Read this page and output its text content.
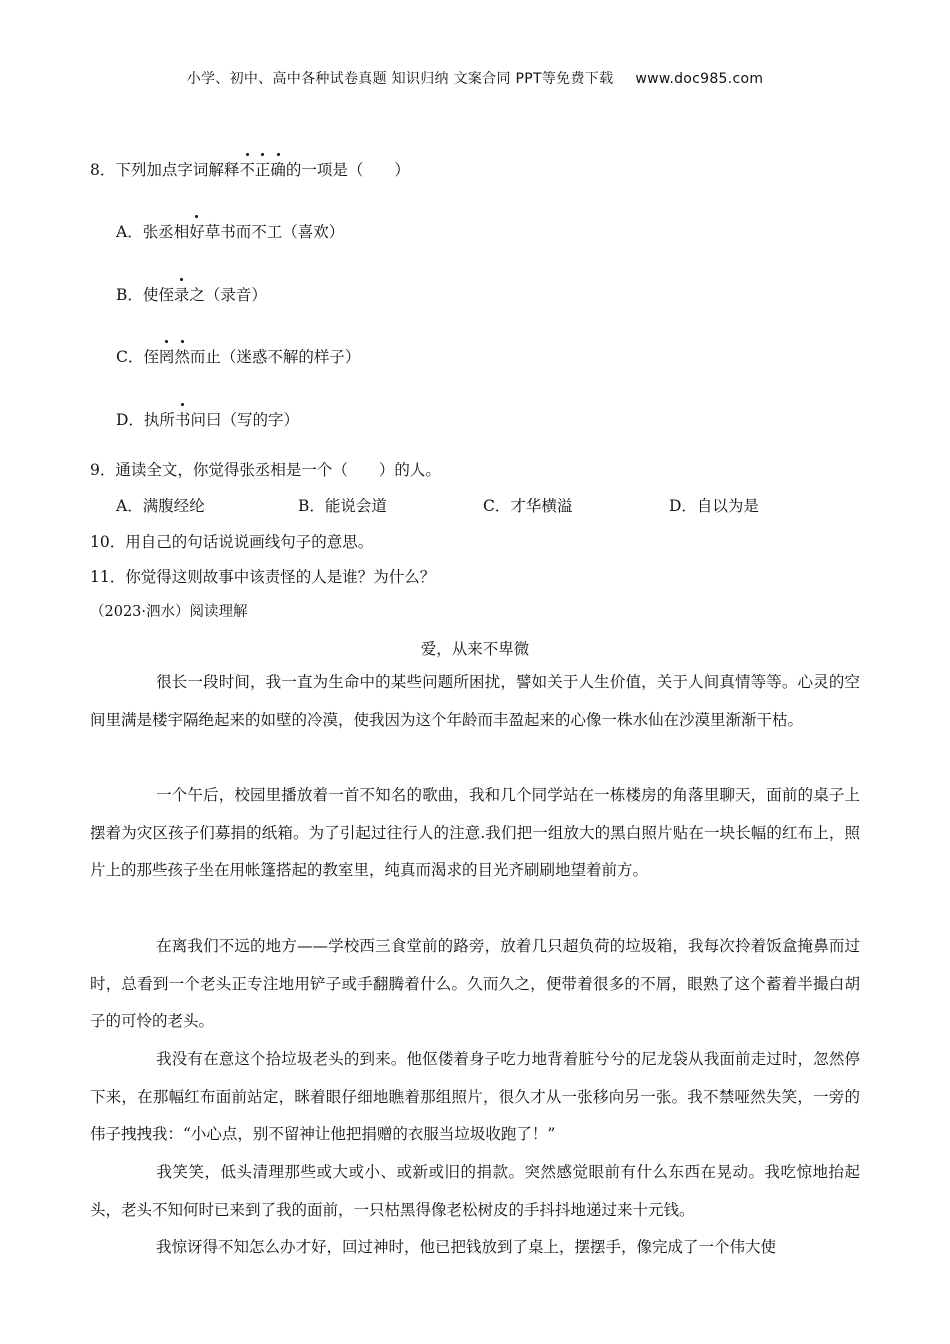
小学、初中、高中各种试卷真题 知识归纳 文案合同 PPT等免费下载 www.doc985.com
8．下列加点字词解释不正确的一项是（　　）
A．张丞相好草书而不工（喜欢）
B．使侄录之（录音）
C．侄罔然而止（迷惑不解的样子）
D．执所书问曰（写的字）
9．通读全文，你觉得张丞相是一个（　　）的人。
A．满腹经纶	B．能说会道	C．才华横溢	D．自以为是
10．用自己的句话说说画线句子的意思。
11．你觉得这则故事中该责怪的人是谁？为什么？
（2023·泗水）阅读理解
爱，从来不卑微
很长一段时间，我一直为生命中的某些问题所困扰，譬如关于人生价值，关于人间真情等等。心灵的空间里满是楼宇隔绝起来的如壁的冷漠，使我因为这个年龄而丰盈起来的心像一株水仙在沙漠里渐渐干枯。
一个午后，校园里播放着一首不知名的歌曲，我和几个同学站在一栋楼房的角落里聊天，面前的桌子上摆着为灾区孩子们募捐的纸箱。为了引起过往行人的注意.我们把一组放大的黑白照片贴在一块长幅的红布上，照片上的那些孩子坐在用帐篷搭起的教室里，纯真而渴求的目光齐刷刷地望着前方。
在离我们不远的地方——学校西三食堂前的路旁，放着几只超负荷的垃圾箱，我每次拎着饭盒掩鼻而过时，总看到一个老头正专注地用铲子或手翻腾着什么。久而久之，便带着很多的不屑，眼熟了这个蓄着半撮白胡子的可怜的老头。
我没有在意这个拾垃圾老头的到来。他伛偻着身子吃力地背着脏兮兮的尼龙袋从我面前走过时，忽然停下来，在那幅红布面前站定，眯着眼仔细地瞧着那组照片，很久才从一张移向另一张。我不禁哑然失笑，一旁的伟子拽拽我：“小心点，别不留神让他把捐赠的衣服当垃圾收跑了！”
我笑笑，低头清理那些或大或小、或新或旧的捐款。突然感觉眼前有什么东西在晃动。我吃惊地抬起头，老头不知何时已来到了我的面前，一只枯黑得像老松树皮的手抖抖地递过来十元钱。
我惊讶得不知怎么办才好，回过神时，他已把钱放到了桌上，摆摆手，像完成了一个伟大使
